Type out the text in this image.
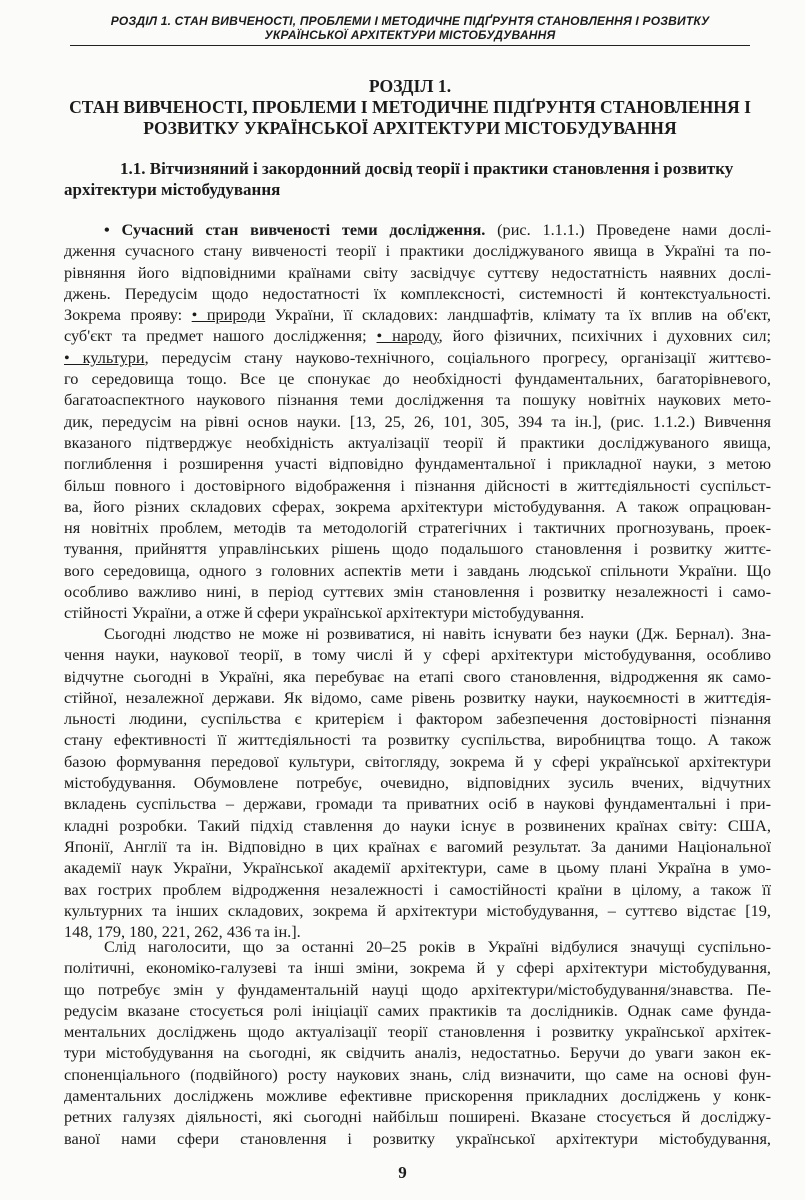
РОЗДІЛ 1. СТАН ВИВЧЕНОСТІ, ПРОБЛЕМИ І МЕТОДИЧНЕ ПІДҐРУНТЯ СТАНОВЛЕННЯ І РОЗВИТКУ
УКРАЇНСЬКОЇ АРХІТЕКТУРИ МІСТОБУДУВАННЯ
РОЗДІЛ 1.
СТАН ВИВЧЕНОСТІ, ПРОБЛЕМИ І МЕТОДИЧНЕ ПІДҐРУНТЯ СТАНОВЛЕННЯ І
РОЗВИТКУ УКРАЇНСЬКОЇ АРХІТЕКТУРИ МІСТОБУДУВАННЯ
1.1. Вітчизняний і закордонний досвід теорії і практики становлення і розвитку
архітектури містобудування
• Сучасний стан вивченості теми дослідження. (рис. 1.1.1.) Проведене нами дослі-
дження сучасного стану вивченості теорії і практики досліджуваного явища в Україні та по-
рівняння його відповідними країнами світу засвідчує суттєву недостатність наявних дослі-
джень. Передусім щодо недостатності їх комплексності, системності й контекстуальності.
Зокрема прояву: • природи України, її складових: ландшафтів, клімату та їх вплив на об'єкт,
суб'єкт та предмет нашого дослідження; • народу, його фізичних, психічних і духовних сил;
• культури, передусім стану науково-технічного, соціального прогресу, організації життєво-
го середовища тощо. Все це спонукає до необхідності фундаментальних, багаторівневого,
багатоаспектного наукового пізнання теми дослідження та пошуку новітніх наукових мето-
дик, передусім на рівні основ науки. [13, 25, 26, 101, 305, 394 та ін.], (рис. 1.1.2.) Вивчення
вказаного підтверджує необхідність актуалізації теорії й практики досліджуваного явища,
поглиблення і розширення участі відповідно фундаментальної і прикладної науки, з метою
більш повного і достовірного відображення і пізнання дійсності в життєдіяльності суспільст-
ва, його різних складових сферах, зокрема архітектури містобудування. А також опрацюван-
ня новітніх проблем, методів та методологій стратегічних і тактичних прогнозувань, проек-
тування, прийняття управлінських рішень щодо подальшого становлення і розвитку життє-
вого середовища, одного з головних аспектів мети і завдань людської спільноти України. Що
особливо важливо нині, в період суттєвих змін становлення і розвитку незалежності і само-
стійності України, а отже й сфери української архітектури містобудування.
Сьогодні людство не може ні розвиватися, ні навіть існувати без науки (Дж. Бернал). Зна-
чення науки, наукової теорії, в тому числі й у сфері архітектури містобудування, особливо
відчутне сьогодні в Україні, яка перебуває на етапі свого становлення, відродження як само-
стійної, незалежної держави. Як відомо, саме рівень розвитку науки, наукоємності в життєдія-
льності людини, суспільства є критерієм і фактором забезпечення достовірності пізнання
стану ефективності її життєдіяльності та розвитку суспільства, виробництва тощо. А також
базою формування передової культури, світогляду, зокрема й у сфері української архітектури
містобудування. Обумовлене потребує, очевидно, відповідних зусиль вчених, відчутних
вкладень суспільства – держави, громади та приватних осіб в наукові фундаментальні і при-
кладні розробки. Такий підхід ставлення до науки існує в розвинених країнах світу: США,
Японії, Англії та ін. Відповідно в цих країнах є вагомий результат. За даними Національної
академії наук України, Української академії архітектури, саме в цьому плані Україна в умо-
вах гострих проблем відродження незалежності і самостійності країни в цілому, а також її
культурних та інших складових, зокрема й архітектури містобудування, – суттєво відстає [19,
148, 179, 180, 221, 262, 436 та ін.].
Слід наголосити, що за останні 20–25 років в Україні відбулися значущі суспільно-
політичні, економіко-галузеві та інші зміни, зокрема й у сфері архітектури містобудування,
що потребує змін у фундаментальній науці щодо архітектури/містобудування/знавства. Пе-
редусім вказане стосується ролі ініціації самих практиків та дослідників. Однак саме фунда-
ментальних досліджень щодо актуалізації теорії становлення і розвитку української архітек-
тури містобудування на сьогодні, як свідчить аналіз, недостатньо. Беручи до уваги закон ек-
споненціального (подвійного) росту наукових знань, слід визначити, що саме на основі фун-
даментальних досліджень можливе ефективне прискорення прикладних досліджень у конк-
ретних галузях діяльності, які сьогодні найбільш поширені. Вказане стосується й досліджу-
ваної нами сфери становлення і розвитку української архітектури містобудування,
9
